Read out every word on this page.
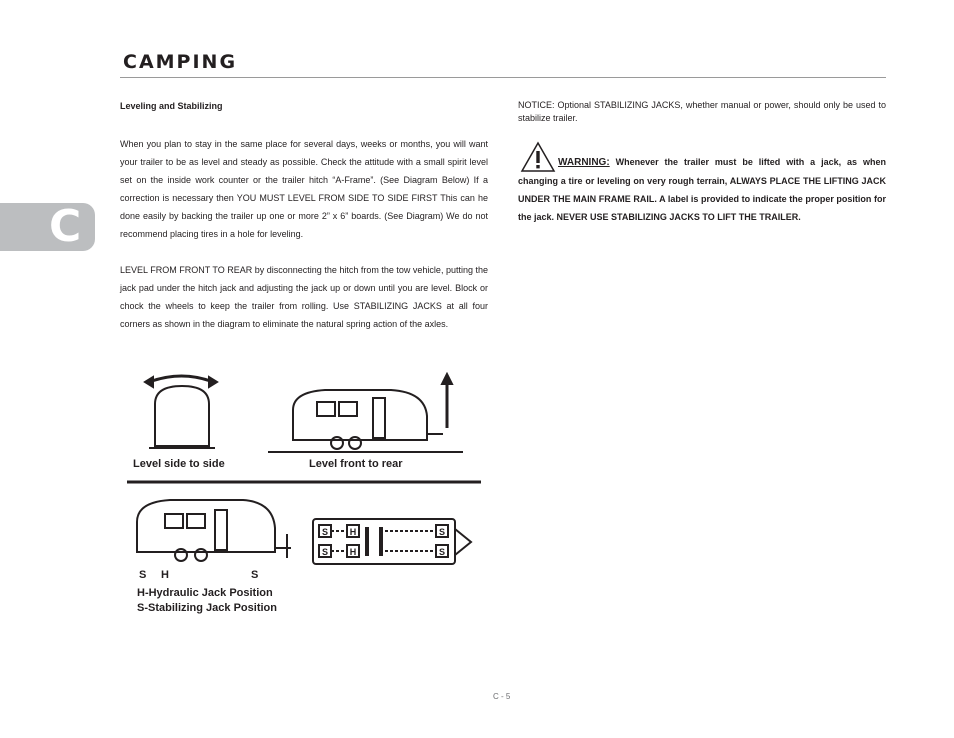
CAMPING
C

Leveling and Stabilizing

When you plan to stay in the same place for several days, weeks or months, you will want your trailer to be as level and steady as possible. Check the attitude with a small spirit level set on the inside work counter or the trailer hitch “A-Frame”. (See Diagram Below) If a correction is necessary then YOU MUST LEVEL FROM SIDE TO SIDE FIRST This can he done easily by backing the trailer up one or more 2” x 6” boards. (See Diagram) We do not recommend placing tires in a hole for leveling.

LEVEL FROM FRONT TO REAR by disconnecting the hitch from the tow vehicle, putting the jack pad under the hitch jack and adjusting the jack up or down until you are level. Block or chock the wheels to keep the trailer from rolling. Use STABILIZING JACKS at all four corners as shown in the diagram to eliminate the natural spring action of the axles.

NOTICE: Optional STABILIZING JACKS, whether manual or power, should only be used to stabilize trailer.

WARNING: Whenever the trailer must be lifted with a jack, as when changing a tire or leveling on very rough terrain, ALWAYS PLACE THE LIFTING JACK UNDER THE MAIN FRAME RAIL. A label is provided to indicate the proper position for the jack. NEVER USE STABILIZING JACKS TO LIFT THE TRAILER.

Level side to side	Level front to rear
S H	S
H-Hydraulic Jack Position
S-Stabilizing Jack Position
S H	S
S H	S
C - 5
